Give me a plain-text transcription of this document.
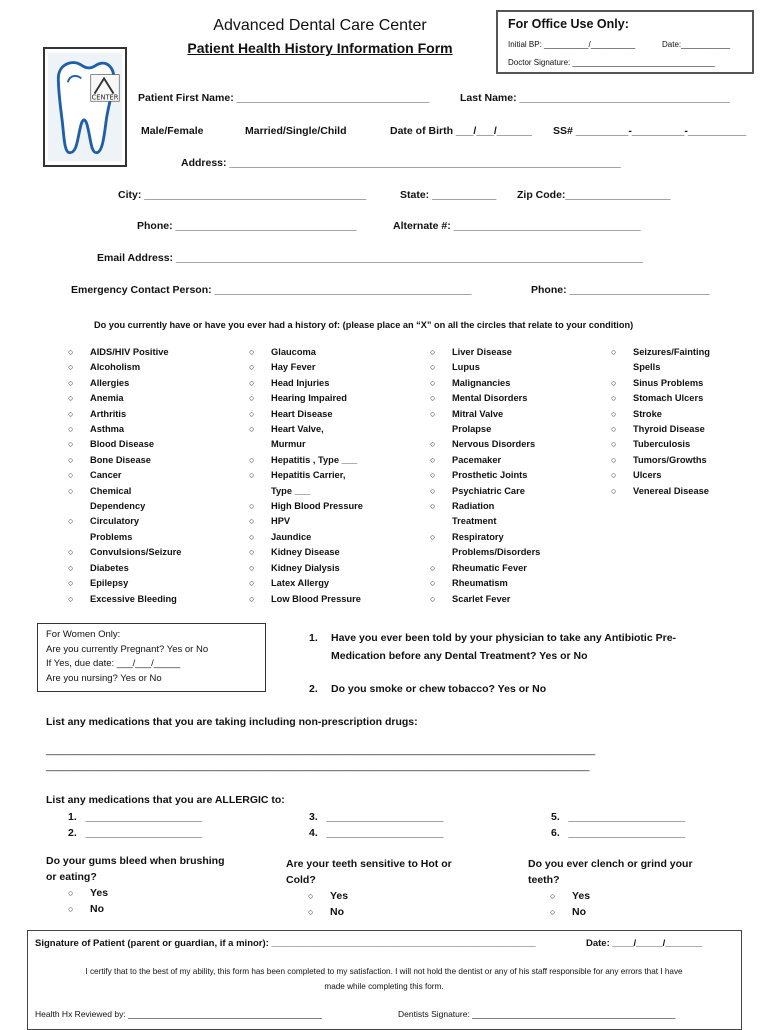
Advanced Dental Care Center
Patient Health History Information Form
CENTER
For Office Use Only:
Initial BP: __________/__________	Date:___________
Doctor Signature: ________________________________
Patient First Name: _________________________________	Last Name: ____________________________________
Male/Female	Married/Single/Child	Date of Birth ___/___/______ SS# _________-_________-__________
Address: ___________________________________________________________________
City: ______________________________________	State: ___________ Zip Code:__________________
Phone: _______________________________	Alternate #: ________________________________
Email Address: ________________________________________________________________________________
Emergency Contact Person: ____________________________________________	Phone: ________________________
Do you currently have or have you ever had a history of: (please place an “X” on all the circles that relate to your condition)
○ AIDS/HIV Positive
○ Alcoholism
○ Allergies
○ Anemia
○ Arthritis
○ Asthma
○ Blood Disease
○ Bone Disease
○ Cancer
○ Chemical
Dependency
○ Circulatory
Problems
○ Convulsions/Seizure
○ Diabetes
○ Epilepsy
○ Excessive Bleeding
○ Glaucoma
○ Hay Fever
○ Head Injuries
○ Hearing Impaired
○ Heart Disease
○ Heart Valve,
Murmur
○ Hepatitis , Type ___
○ Hepatitis Carrier,
Type ___
○ High Blood Pressure
○ HPV
○ Jaundice
○ Kidney Disease
○ Kidney Dialysis
○ Latex Allergy
○ Low Blood Pressure
○ Liver Disease
○ Lupus
○ Malignancies
○ Mental Disorders
○ Mitral Valve
Prolapse
○ Nervous Disorders
○ Pacemaker
○ Prosthetic Joints
○ Psychiatric Care
○ Radiation
Treatment
○ Respiratory
Problems/Disorders
○ Rheumatic Fever
○ Rheumatism
○ Scarlet Fever
○ Seizures/Fainting
Spells
○ Sinus Problems
○ Stomach Ulcers
○ Stroke
○ Thyroid Disease
○ Tuberculosis
○ Tumors/Growths
○ Ulcers
○ Venereal Disease
For Women Only:
Are you currently Pregnant? Yes or No
If Yes, due date: ___/___/_____
Are you nursing? Yes or No
1. Have you ever been told by your physician to take any Antibiotic Pre-
Medication before any Dental Treatment? Yes or No
2. Do you smoke or chew tobacco? Yes or No
List any medications that you are taking including non-prescription drugs:
________________________________________________________________________________________________
_______________________________________________________________________________________________
List any medications that you are ALLERGIC to:
1. ____________________
2. ____________________
3. ____________________
4. ____________________
5. ____________________
6. ____________________
Do your gums bleed when brushing
or eating?
○ Yes
○ No
Are your teeth sensitive to Hot or
Cold?
○ Yes
○ No
Do you ever clench or grind your
teeth?
○ Yes
○ No
Signature of Patient (parent or guardian, if a minor): __________________________________________________	Date: ____/_____/_______
I certify that to the best of my ability, this form has been completed to my satisfaction. I will not hold the dentist or any of his staff responsible for any errors that I have
made while completing this form.
Health Hx Reviewed by: _________________________________________	Dentists Signature: ___________________________________________
